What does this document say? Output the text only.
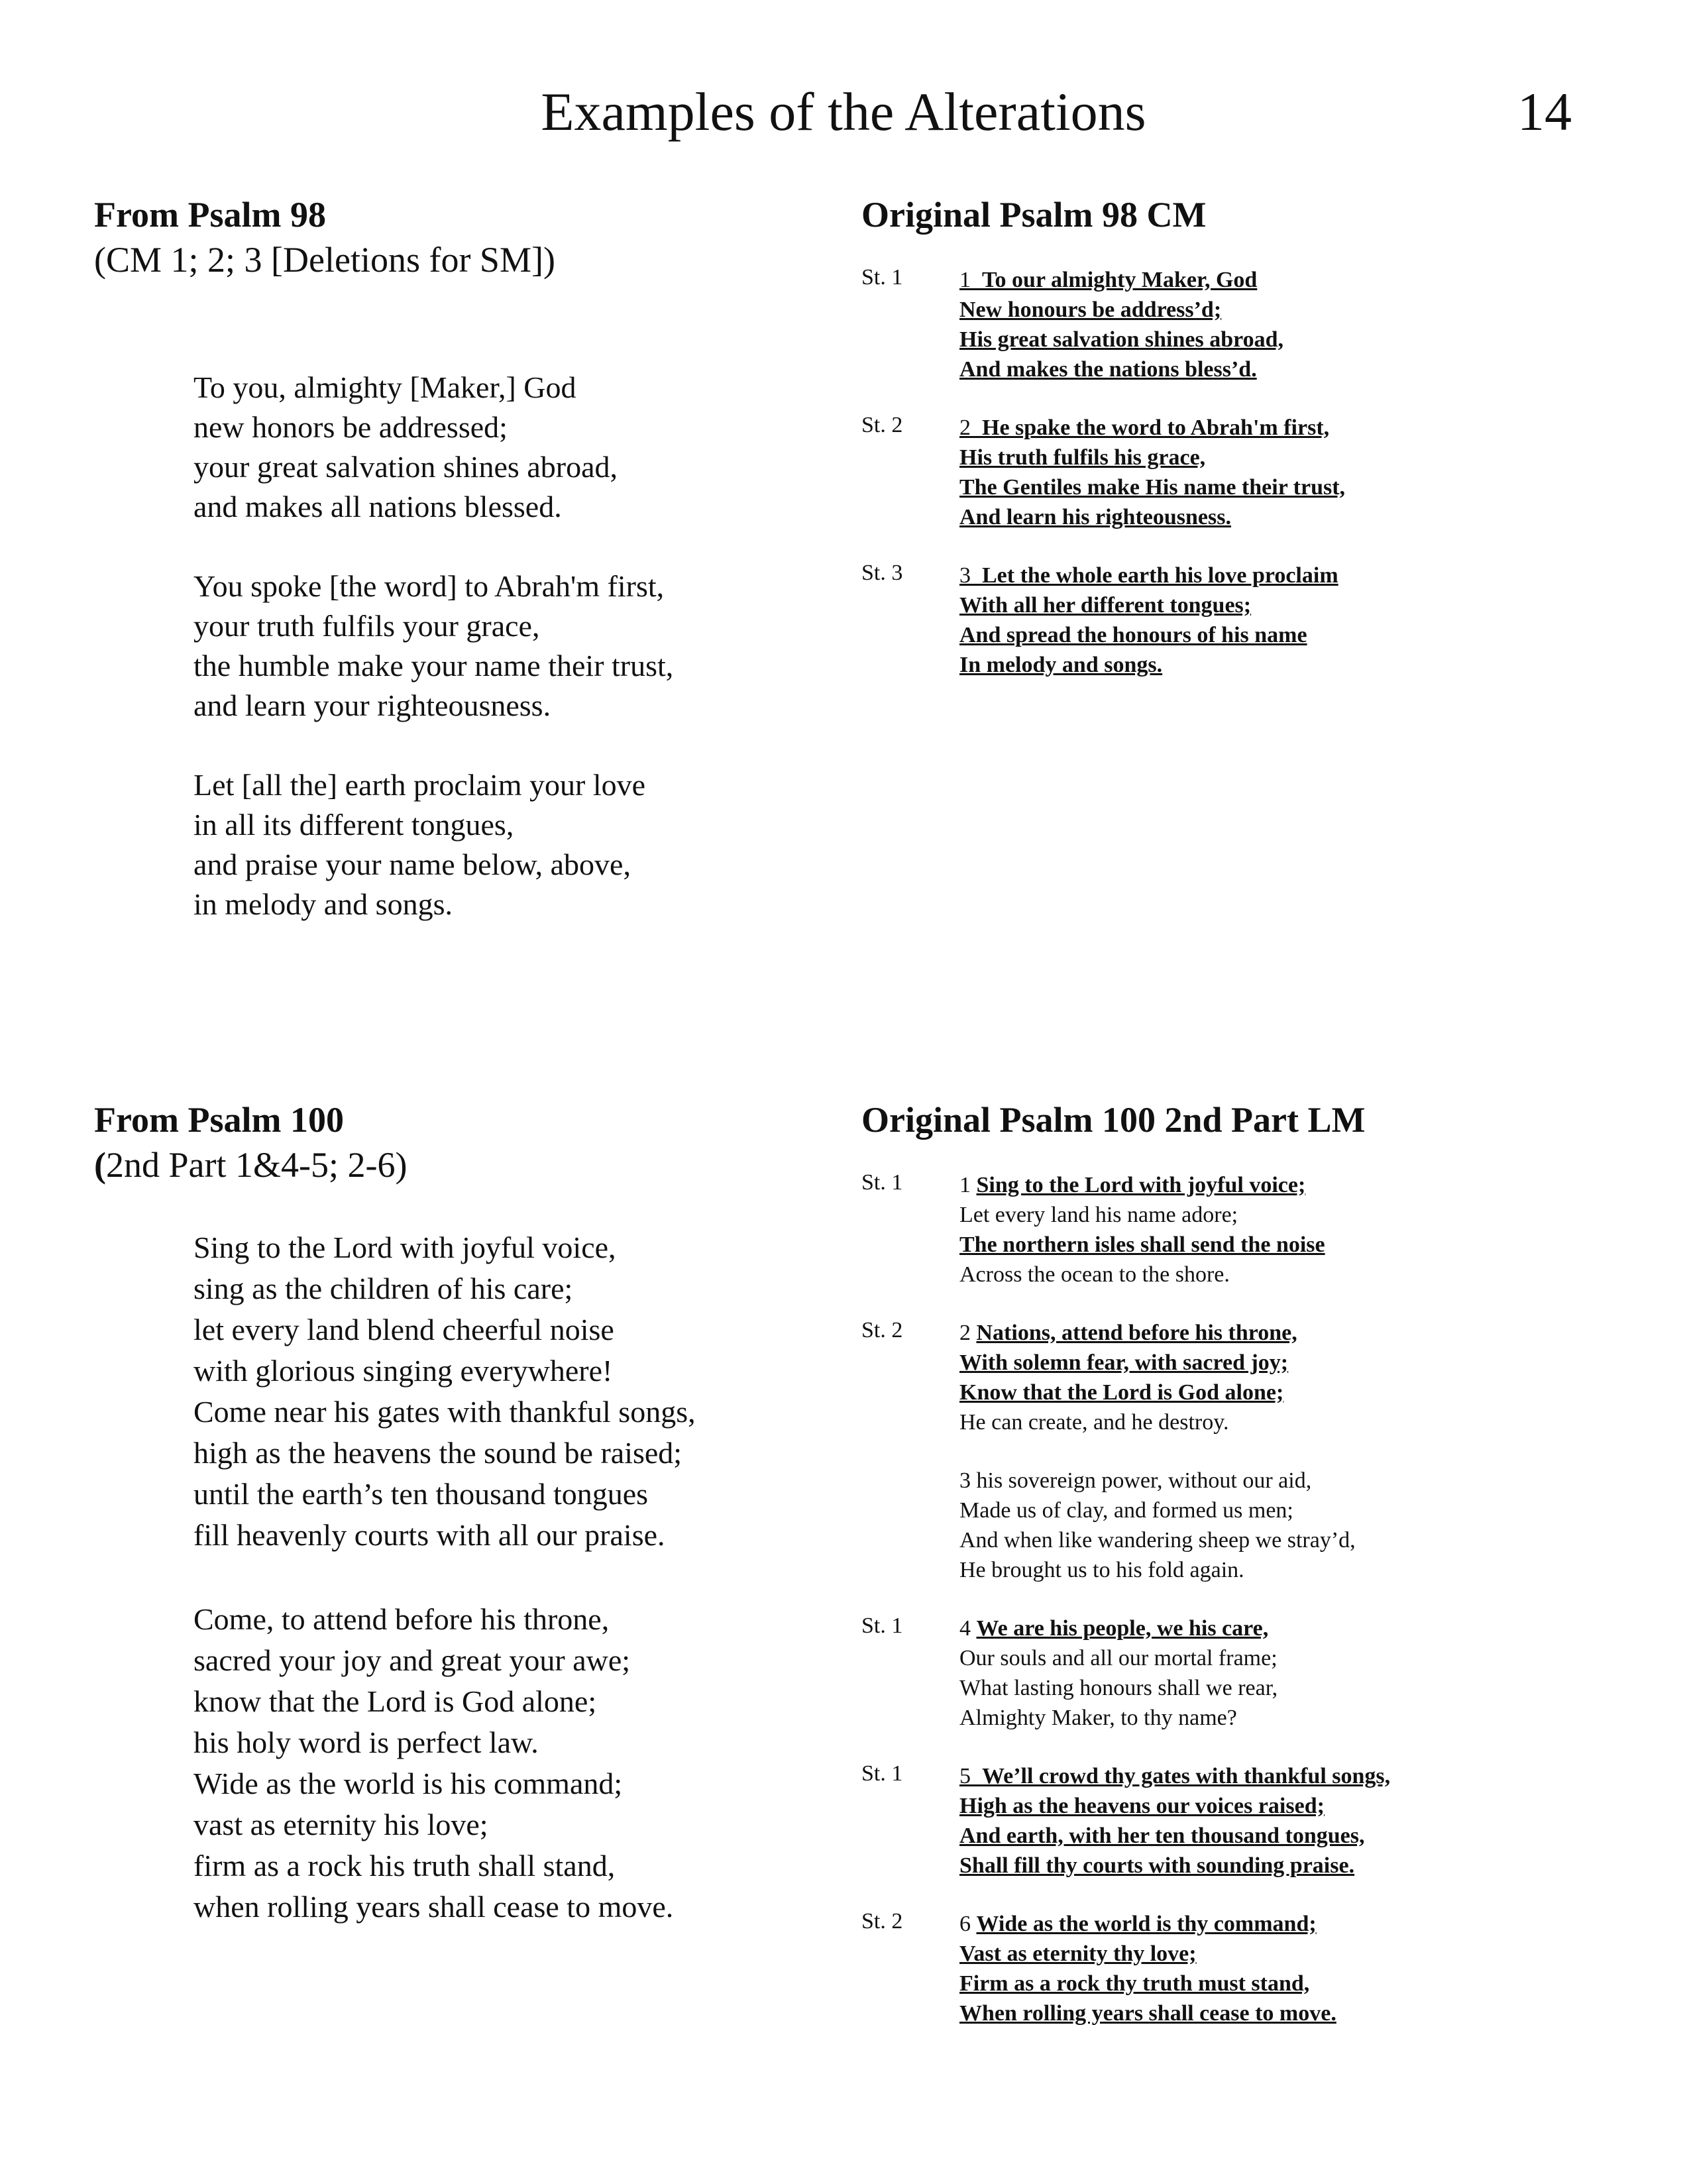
Examples of the Alterations	14
From Psalm 98
(CM 1; 2; 3 [Deletions for SM])
To you, almighty [Maker,] God
new honors be addressed;
your great salvation shines abroad,
and makes all nations blessed.
You spoke [the word] to Abrah'm first,
your truth fulfils your grace,
the humble make your name their trust,
and learn your righteousness.
Let [all the] earth proclaim your love
in all its different tongues,
and praise your name below, above,
in melody and songs.
Original Psalm 98 CM
St. 1	1 To our almighty Maker, God
New honours be address’d;
His great salvation shines abroad,
And makes the nations bless’d.
St. 2	2 He spake the word to Abrah'm first,
His truth fulfils his grace,
The Gentiles make His name their trust,
And learn his righteousness.
St. 3	3 Let the whole earth his love proclaim
With all her different tongues;
And spread the honours of his name
In melody and songs.
From Psalm 100
(2nd Part 1&4-5; 2-6)
Sing to the Lord with joyful voice,
sing as the children of his care;
let every land blend cheerful noise
with glorious singing everywhere!
Come near his gates with thankful songs,
high as the heavens the sound be raised;
until the earth’s ten thousand tongues
fill heavenly courts with all our praise.
Come, to attend before his throne,
sacred your joy and great your awe;
know that the Lord is God alone;
his holy word is perfect law.
Wide as the world is his command;
vast as eternity his love;
firm as a rock his truth shall stand,
when rolling years shall cease to move.
Original Psalm 100 2nd Part LM
St. 1	1 Sing to the Lord with joyful voice;
Let every land his name adore;
The northern isles shall send the noise
Across the ocean to the shore.
St. 2	2 Nations, attend before his throne,
With solemn fear, with sacred joy;
Know that the Lord is God alone;
He can create, and he destroy.
3 his sovereign power, without our aid,
Made us of clay, and formed us men;
And when like wandering sheep we stray’d,
He brought us to his fold again.
St. 1	4 We are his people, we his care,
Our souls and all our mortal frame;
What lasting honours shall we rear,
Almighty Maker, to thy name?
St. 1	5 We’ll crowd thy gates with thankful songs,
High as the heavens our voices raised;
And earth, with her ten thousand tongues,
Shall fill thy courts with sounding praise.
St. 2	6 Wide as the world is thy command;
Vast as eternity thy love;
Firm as a rock thy truth must stand,
When rolling years shall cease to move.
